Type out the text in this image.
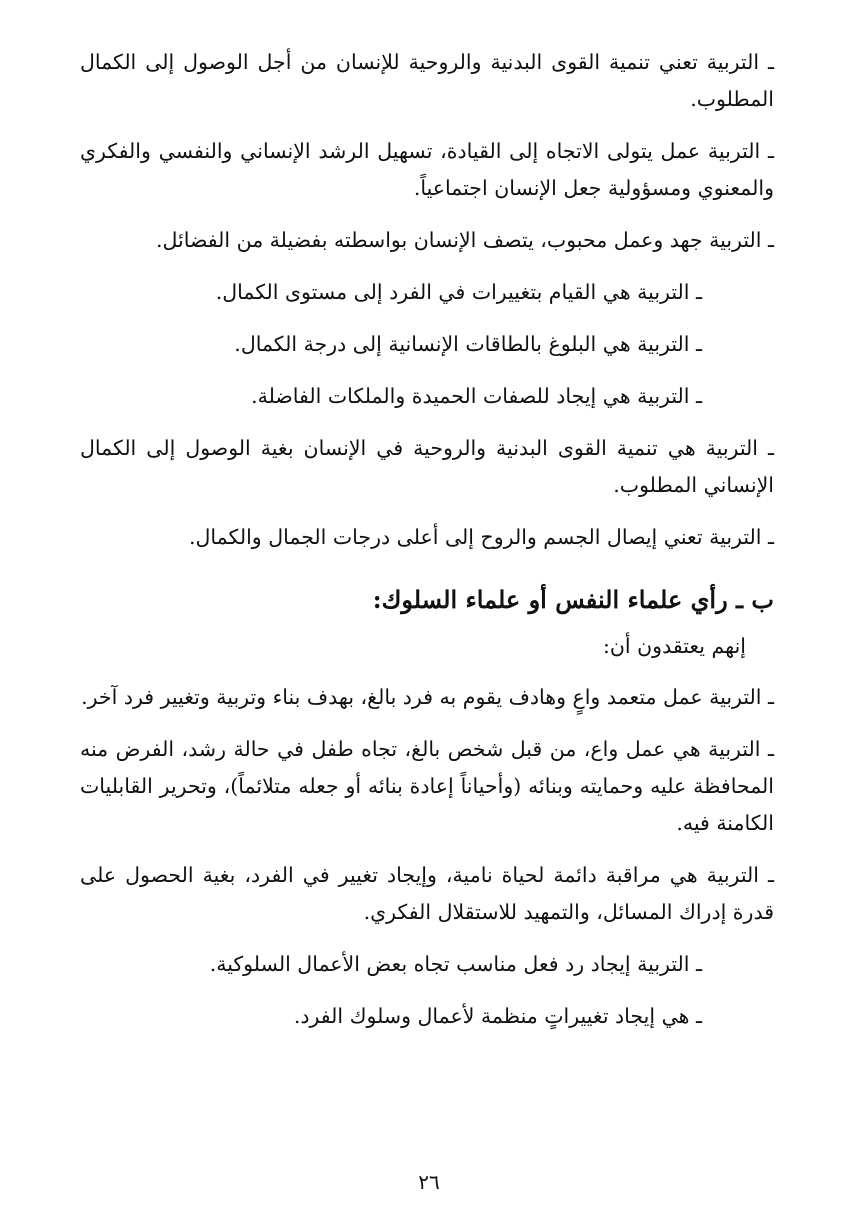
ـ التربية تعني تنمية القوى البدنية والروحية للإنسان من أجل الوصول إلى الكمال المطلوب.

ـ التربية عمل يتولى الاتجاه إلى القيادة، تسهيل الرشد الإنساني والنفسي والفكري والمعنوي ومسؤولية جعل الإنسان اجتماعياً.

ـ التربية جهد وعمل محبوب، يتصف الإنسان بواسطته بفضيلة من الفضائل.

ـ التربية هي القيام بتغييرات في الفرد إلى مستوى الكمال.

ـ التربية هي البلوغ بالطاقات الإنسانية إلى درجة الكمال.

ـ التربية هي إيجاد للصفات الحميدة والملكات الفاضلة.

ـ التربية هي تنمية القوى البدنية والروحية في الإنسان بغية الوصول إلى الكمال الإنساني المطلوب.

ـ التربية تعني إيصال الجسم والروح إلى أعلى درجات الجمال والكمال.

ب ـ رأي علماء النفس أو علماء السلوك:

إنهم يعتقدون أن:

ـ التربية عمل متعمد واعٍ وهادف يقوم به فرد بالغ، بهدف بناء وتربية وتغيير فرد آخر.

ـ التربية هي عمل واع، من قبل شخص بالغ، تجاه طفل في حالة رشد، الفرض منه المحافظة عليه وحمايته وبنائه (وأحياناً إعادة بنائه أو جعله متلائماً)، وتحرير القابليات الكامنة فيه.

ـ التربية هي مراقبة دائمة لحياة نامية، وإيجاد تغيير في الفرد، بغية الحصول على قدرة إدراك المسائل، والتمهيد للاستقلال الفكري.

ـ التربية إيجاد رد فعل مناسب تجاه بعض الأعمال السلوكية.

ـ هي إيجاد تغييراتٍ منظمة لأعمال وسلوك الفرد.

٢٦
